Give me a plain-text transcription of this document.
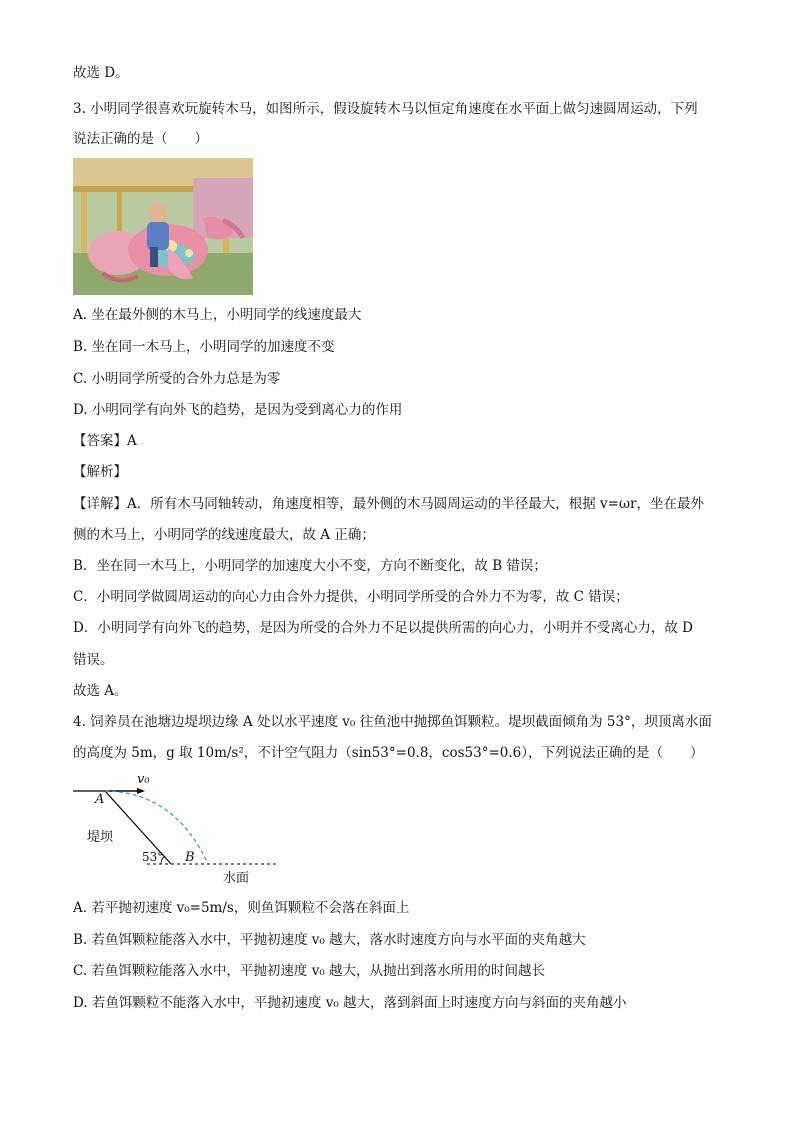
故选 D。
3. 小明同学很喜欢玩旋转木马，如图所示，假设旋转木马以恒定角速度在水平面上做匀速圆周运动，下列
说法正确的是（　　）
A. 坐在最外侧的木马上，小明同学的线速度最大
B. 坐在同一木马上，小明同学的加速度不变
C. 小明同学所受的合外力总是为零
D. 小明同学有向外飞的趋势，是因为受到离心力的作用
【答案】A
【解析】
【详解】A．所有木马同轴转动，角速度相等，最外侧的木马圆周运动的半径最大，根据 v=ωr，坐在最外
侧的木马上，小明同学的线速度最大，故 A 正确；
B．坐在同一木马上，小明同学的加速度大小不变，方向不断变化，故 B 错误；
C．小明同学做圆周运动的向心力由合外力提供，小明同学所受的合外力不为零，故 C 错误；
D．小明同学有向外飞的趋势，是因为所受的合外力不足以提供所需的向心力，小明并不受离心力，故 D
错误。
故选 A。
4. 饲养员在池塘边堤坝边缘 A 处以水平速度 v₀ 往鱼池中抛掷鱼饵颗粒。堤坝截面倾角为 53°，坝顶离水面
的高度为 5m，g 取 10m/s²，不计空气阻力（sin53°=0.8，cos53°=0.6），下列说法正确的是（　　）
v₀
A
堤坝
53° B
水面
A. 若平抛初速度 v₀=5m/s，则鱼饵颗粒不会落在斜面上
B. 若鱼饵颗粒能落入水中，平抛初速度 v₀ 越大，落水时速度方向与水平面的夹角越大
C. 若鱼饵颗粒能落入水中，平抛初速度 v₀ 越大，从抛出到落水所用的时间越长
D. 若鱼饵颗粒不能落入水中，平抛初速度 v₀ 越大，落到斜面上时速度方向与斜面的夹角越小
